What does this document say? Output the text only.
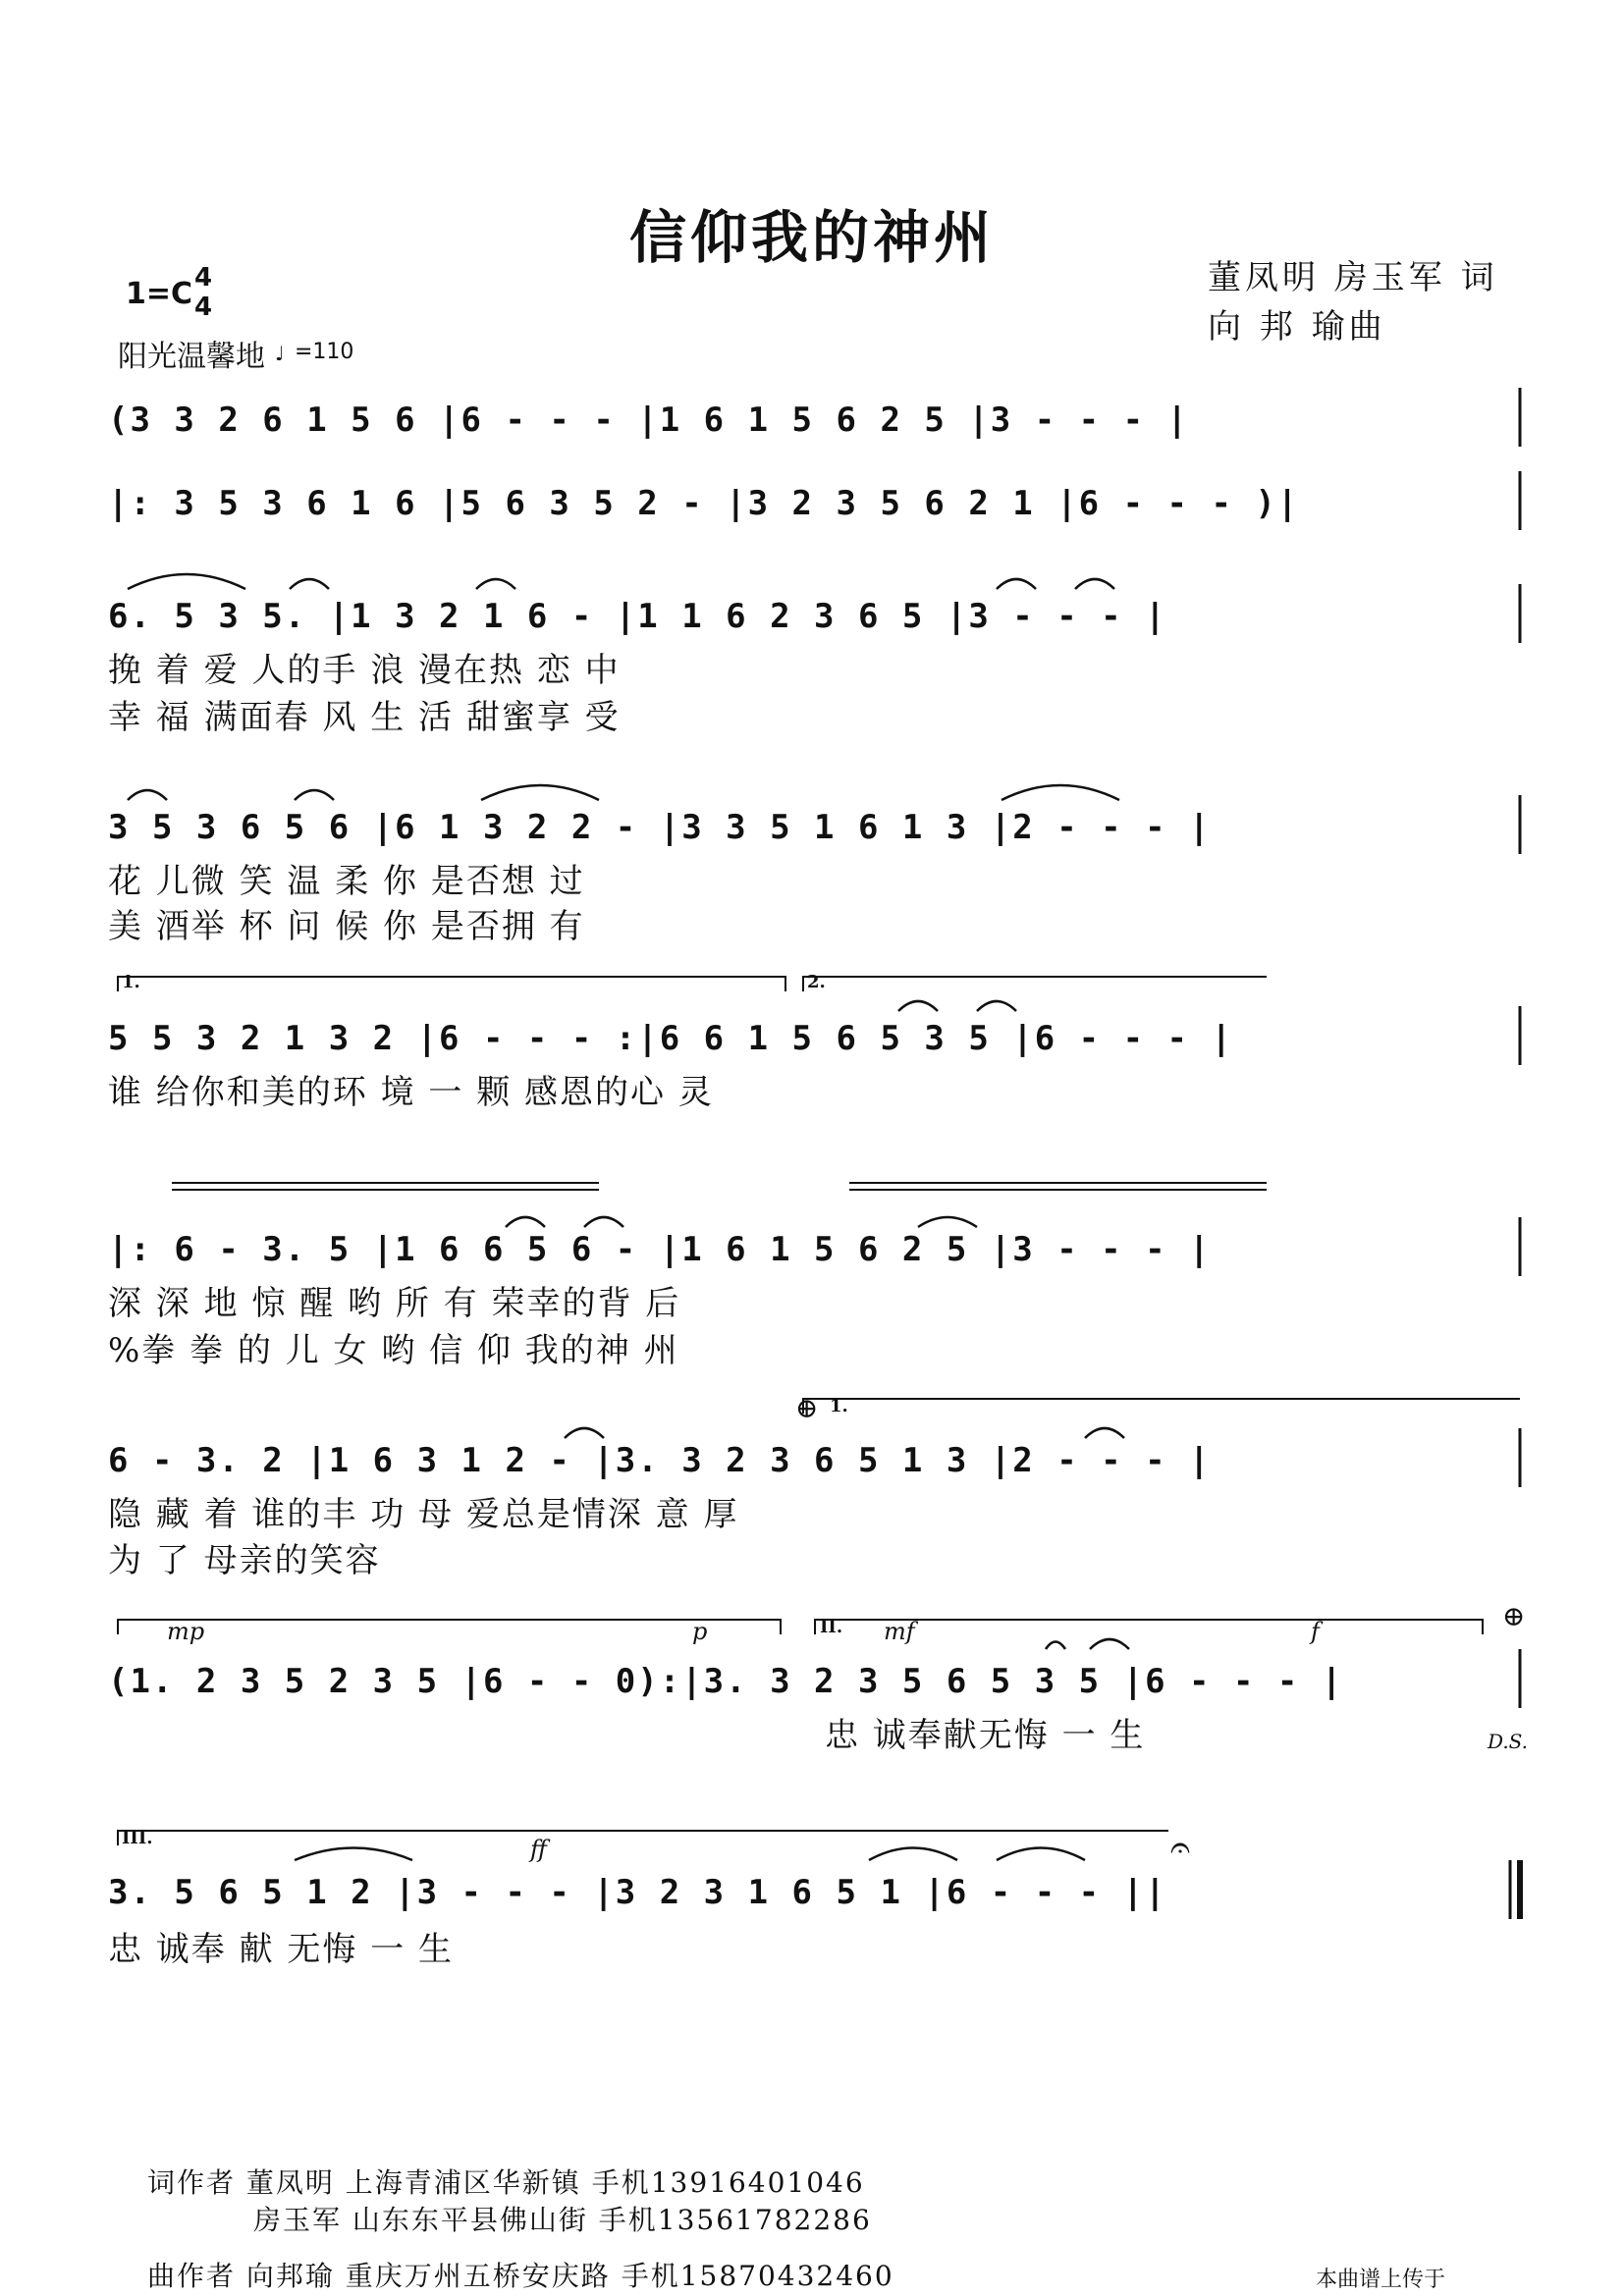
信仰我的神州
董凤明 房玉军 词
向 邦 瑜曲
1=C 4
4
阳光温馨地 ♩ =110
(3 3 2 6 1 5 6 |6 - - - |1 6 1 5 6 2 5 |3 - - - |
|: 3 5 3 6 1 6 |5 6 3 5 2 - |3 2 3 5 6 2 1 |6 - - - )|
6. 5 3 5. |1 3 2 1 6 - |1 1 6 2 3 6 5 |3 - - - |
挽 着 爱 人的手 浪 漫在热 恋 中
幸 福 满面春 风 生 活 甜蜜享 受
3 5 3 6 5 6 |6 1 3 2 2 - |3 3 5 1 6 1 3 |2 - - - |
花 儿微 笑 温 柔 你 是否想 过
美 酒举 杯 问 候 你 是否拥 有
1.	2.
5 5 3 2 1 3 2 |6 - - - :|6 6 1 5 6 5 3 5 |6 - - - |
谁 给你和美的环 境 一 颗 感恩的心 灵
|: 6 - 3. 5 |1 6 6 5 6 - |1 6 1 5 6 2 5 |3 - - - |
深 深 地 惊 醒 哟 所 有 荣幸的背 后
%拳 拳 的 儿 女 哟 信 仰 我的神 州
⊕ 1.
6 - 3. 2 |1 6 3 1 2 - |3. 3 2 3 6 5 1 3 |2 - - - |
隐 藏 着 谁的丰 功 母 爱总是情深 意 厚
为 了 母亲的笑容
mp	p	II. mf	f	⊕
(1. 2 3 5 2 3 5 |6 - - 0):|3. 3 2 3 5 6 5 3 5 |6 - - - |
忠 诚奉献无悔 一 生	D.S.
III.	ff	𝄐
3. 5 6 5 1 2 |3 - - - |3 2 3 1 6 5 1 |6 - - - ||
忠 诚奉 献 无悔 一 生
词作者 董凤明 上海青浦区华新镇 手机13916401046
房玉军 山东东平县佛山街 手机13561782286
曲作者 向邦瑜 重庆万州五桥安庆路 手机15870432460	本曲谱上传于
